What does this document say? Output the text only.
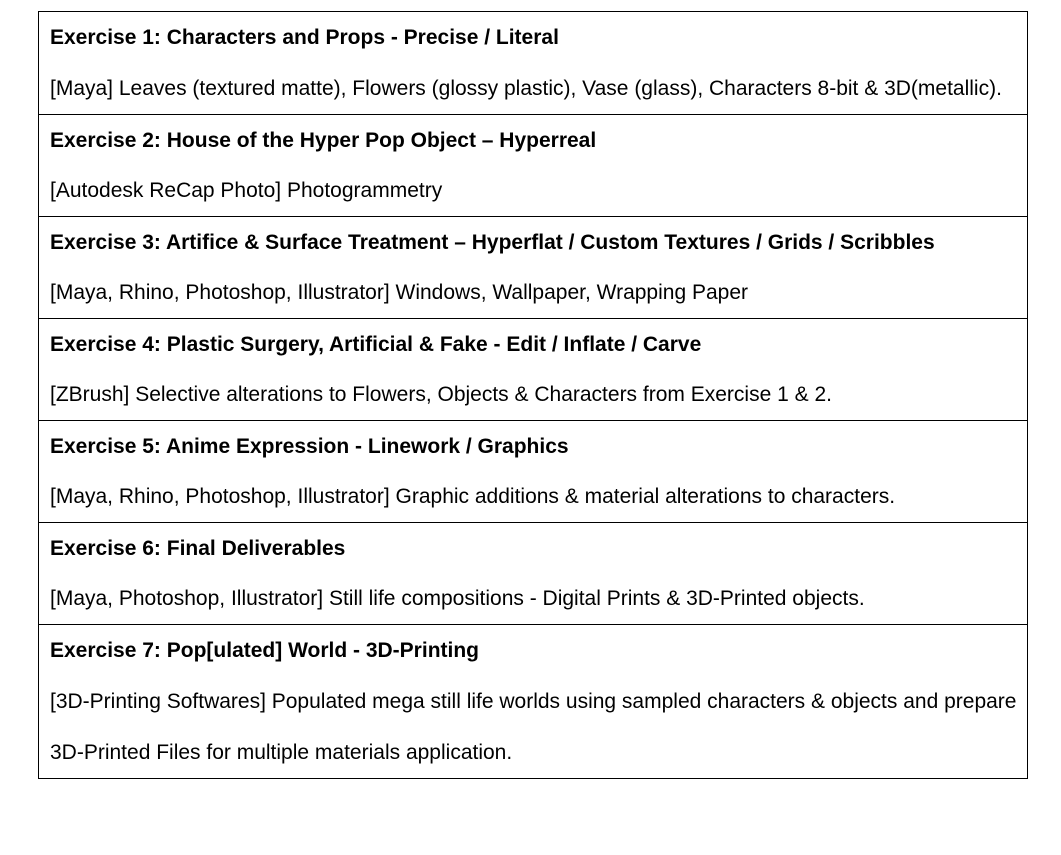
Exercise 1: Characters and Props - Precise / Literal
[Maya] Leaves (textured matte), Flowers (glossy plastic), Vase (glass), Characters 8-bit & 3D(metallic).
Exercise 2: House of the Hyper Pop Object – Hyperreal
[Autodesk ReCap Photo] Photogrammetry
Exercise 3: Artifice & Surface Treatment – Hyperflat / Custom Textures / Grids / Scribbles
[Maya, Rhino, Photoshop, Illustrator] Windows, Wallpaper, Wrapping Paper
Exercise 4: Plastic Surgery, Artificial & Fake - Edit / Inflate / Carve
[ZBrush] Selective alterations to Flowers, Objects & Characters from Exercise 1 & 2.
Exercise 5: Anime Expression - Linework / Graphics
[Maya, Rhino, Photoshop, Illustrator] Graphic additions & material alterations to characters.
Exercise 6: Final Deliverables
[Maya, Photoshop, Illustrator] Still life compositions - Digital Prints & 3D-Printed objects.
Exercise 7: Pop[ulated] World - 3D-Printing
[3D-Printing Softwares] Populated mega still life worlds using sampled characters & objects and prepare 3D-Printed Files for multiple materials application.
